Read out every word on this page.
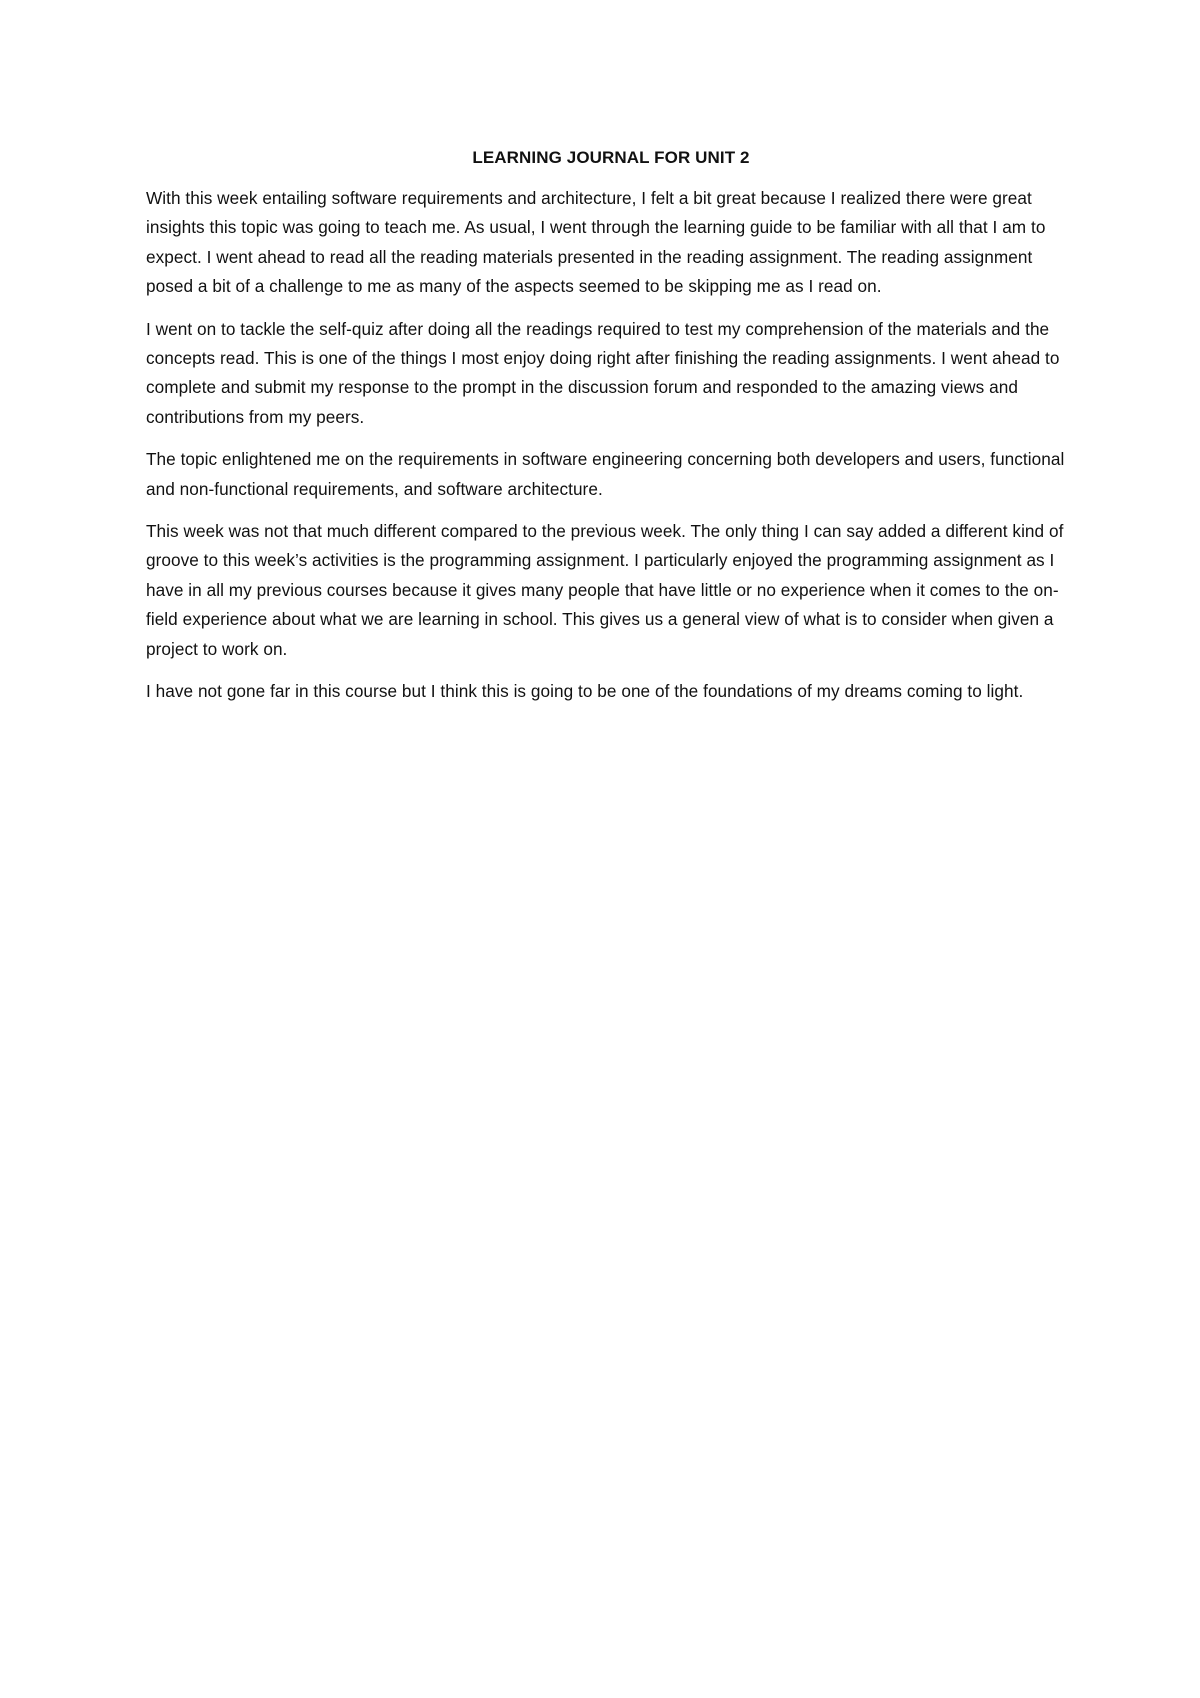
LEARNING JOURNAL FOR UNIT 2

With this week entailing software requirements and architecture, I felt a bit great because I realized there were great insights this topic was going to teach me. As usual, I went through the learning guide to be familiar with all that I am to expect. I went ahead to read all the reading materials presented in the reading assignment. The reading assignment posed a bit of a challenge to me as many of the aspects seemed to be skipping me as I read on.

I went on to tackle the self-quiz after doing all the readings required to test my comprehension of the materials and the concepts read. This is one of the things I most enjoy doing right after finishing the reading assignments. I went ahead to complete and submit my response to the prompt in the discussion forum and responded to the amazing views and contributions from my peers.

The topic enlightened me on the requirements in software engineering concerning both developers and users, functional and non-functional requirements, and software architecture.

This week was not that much different compared to the previous week. The only thing I can say added a different kind of groove to this week’s activities is the programming assignment. I particularly enjoyed the programming assignment as I have in all my previous courses because it gives many people that have little or no experience when it comes to the on-field experience about what we are learning in school. This gives us a general view of what is to consider when given a project to work on.

I have not gone far in this course but I think this is going to be one of the foundations of my dreams coming to light.
